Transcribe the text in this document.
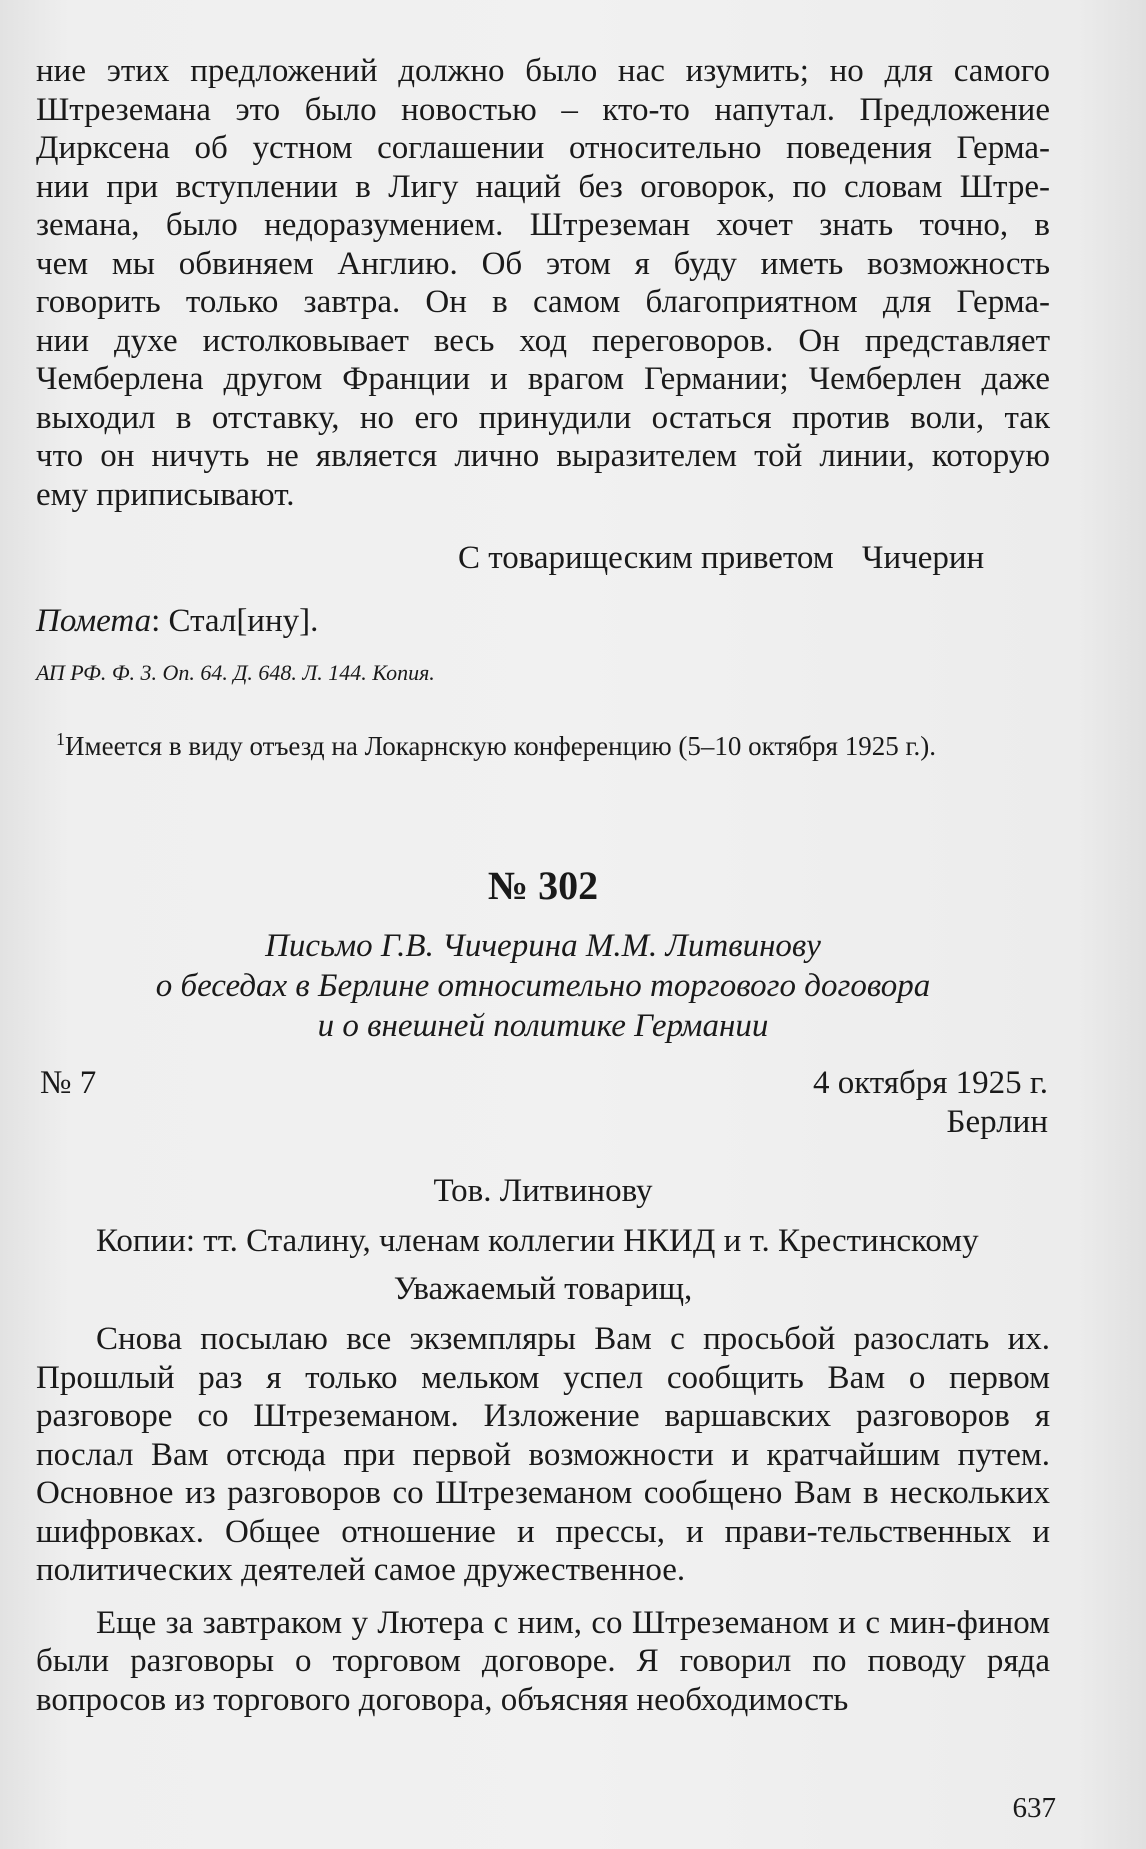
ние этих предложений должно было нас изумить; но для самого

Штреземана это было новостью – кто-то напутал. Предложение

Дирксена об устном соглашении относительно поведения Герма-

нии при вступлении в Лигу наций без оговорок, по словам Штре-

земана, было недоразумением. Штреземан хочет знать точно, в

чем мы обвиняем Англию. Об этом я буду иметь возможность

говорить только завтра. Он в самом благоприятном для Герма-

нии духе истолковывает весь ход переговоров. Он представляет

Чемберлена другом Франции и врагом Германии; Чемберлен даже

выходил в отставку, но его принудили остаться против воли, так

что он ничуть не является лично выразителем той линии, которую

ему приписывают.

С товарищеским приветом Чичерин
Помета: Стал[ину].
АП РФ. Ф. 3. Оп. 64. Д. 648. Л. 144. Копия.
$^1$Имеется в виду отъезд на Локарнскую конференцию (5–10 октября 1925 г.).
№ 302
Письмо Г.В. Чичерина М.М. Литвинову
о беседах в Берлине относительно торгового договора
и о внешней политике Германии
№ 7	4 октября 1925 г.
Берлин
Тов. Литвинову
Копии: тт. Сталину, членам коллегии НКИД и т. Крестинскому
Уважаемый товарищ,

Снова посылаю все экземпляры Вам с просьбой разослать их. Прошлый раз я только мельком успел сообщить Вам о первом разговоре со Штреземаном. Изложение варшавских разговоров я послал Вам отсюда при первой возможности и кратчайшим путем. Основное из разговоров со Штреземаном сообщено Вам в нескольких шифровках. Общее отношение и прессы, и прави-тельственных и политических деятелей самое дружественное.

Еще за завтраком у Лютера с ним, со Штреземаном и с мин-фином были разговоры о торговом договоре. Я говорил по поводу ряда вопросов из торгового договора, объясняя необходимость

637
